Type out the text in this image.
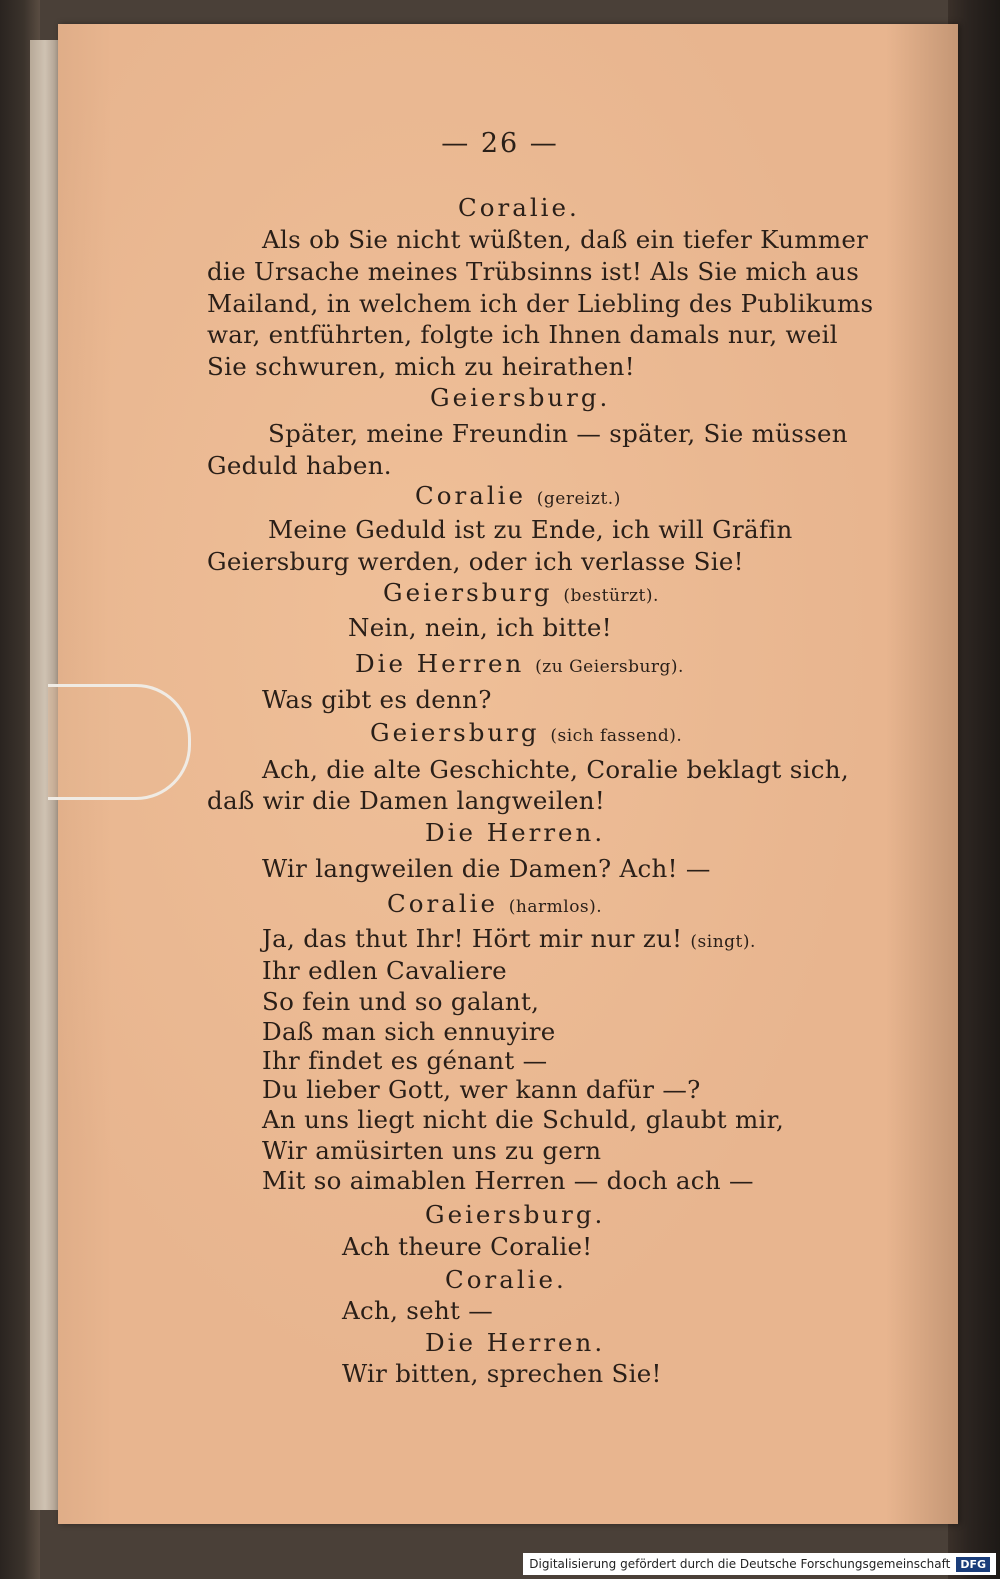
— 26 —
Coralie.
Als ob Sie nicht wüßten, daß ein tiefer Kummer
die Ursache meines Trübsinns ist! Als Sie mich aus
Mailand, in welchem ich der Liebling des Publikums
war, entführten, folgte ich Ihnen damals nur, weil
Sie schwuren, mich zu heirathen!
Geiersburg.
Später, meine Freundin — später, Sie müssen
Geduld haben.
Coralie (gereizt.)
Meine Geduld ist zu Ende, ich will Gräfin
Geiersburg werden, oder ich verlasse Sie!
Geiersburg (bestürzt).
Nein, nein, ich bitte!
Die Herren (zu Geiersburg).
Was gibt es denn?
Geiersburg (sich fassend).
Ach, die alte Geschichte, Coralie beklagt sich,
daß wir die Damen langweilen!
Die Herren.
Wir langweilen die Damen? Ach! —
Coralie (harmlos).
Ja, das thut Ihr! Hört mir nur zu! (singt).
Ihr edlen Cavaliere
So fein und so galant,
Daß man sich ennuyire
Ihr findet es génant —
Du lieber Gott, wer kann dafür —?
An uns liegt nicht die Schuld, glaubt mir,
Wir amüsirten uns zu gern
Mit so aimablen Herren — doch ach —
Geiersburg.
Ach theure Coralie!
Coralie.
Ach, seht —
Die Herren.
Wir bitten, sprechen Sie!
Digitalisierung gefördert durch die Deutsche Forschungsgemeinschaft DFG
